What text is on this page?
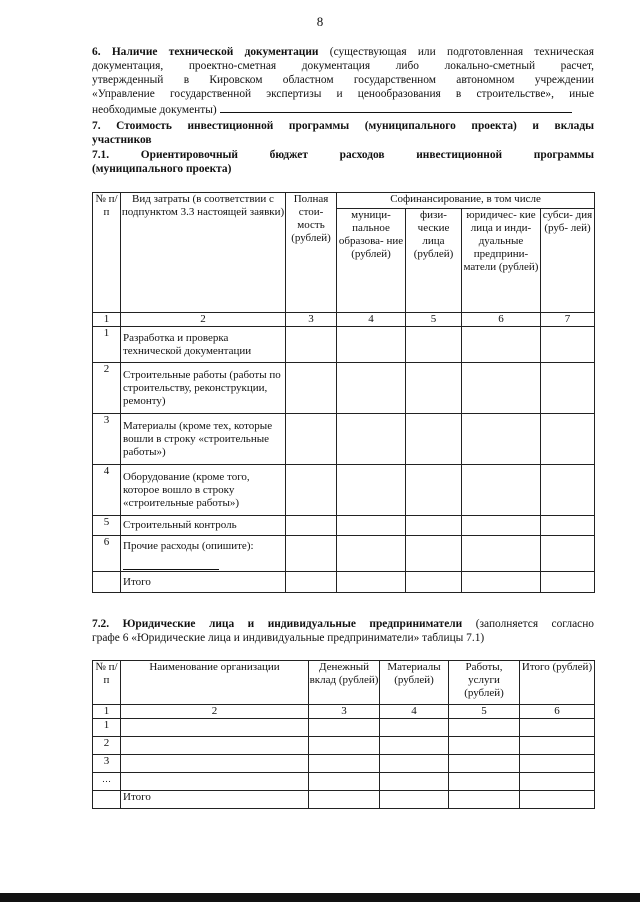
8
6. Наличие технической документации (существующая или подготовленная техническая
документация, проектно-сметная документация либо локально-сметный расчет,
утвержденный в Кировском областном государственном автономном учреждении
«Управление государственной экспертизы и ценообразования в строительстве», иные
необходимые документы)
7. Стоимость инвестиционной программы (муниципального проекта) и вклады
участников
7.1. Ориентировочный бюджет расходов инвестиционной программы
(муниципального проекта)
№ п/п	Вид затраты (в соответствии с подпунктом 3.3 настоящей заявки)	Полная стои- мость (рублей)	Софинансирование, в том числе			
			муници- пальное образова- ние (рублей)	физи- ческие лица (рублей)	юридичес- кие лица и инди- дуальные предприни- матели (рублей)	субси- дия (руб- лей)
1	2	3	4	5	6	7
1	Разработка и проверка технической документации					
2	Строительные работы (работы по строительству, реконструкции, ремонту)					
3	Материалы (кроме тех, которые вошли в строку «строительные работы»)					
4	Оборудование (кроме того, которое вошло в строку «строительные работы»)					
5	Строительный контроль					
6	Прочие расходы (опишите):

	Итого					
7.2. Юридические лица и индивидуальные предприниматели (заполняется согласно
графе 6 «Юридические лица и индивидуальные предприниматели» таблицы 7.1)
№ п/п	Наименование организации	Денежный вклад (рублей)	Материалы (рублей)	Работы, услуги (рублей)	Итого (рублей)
1	2	3	4	5	6
1					
2					
3					
…					
	Итого				
